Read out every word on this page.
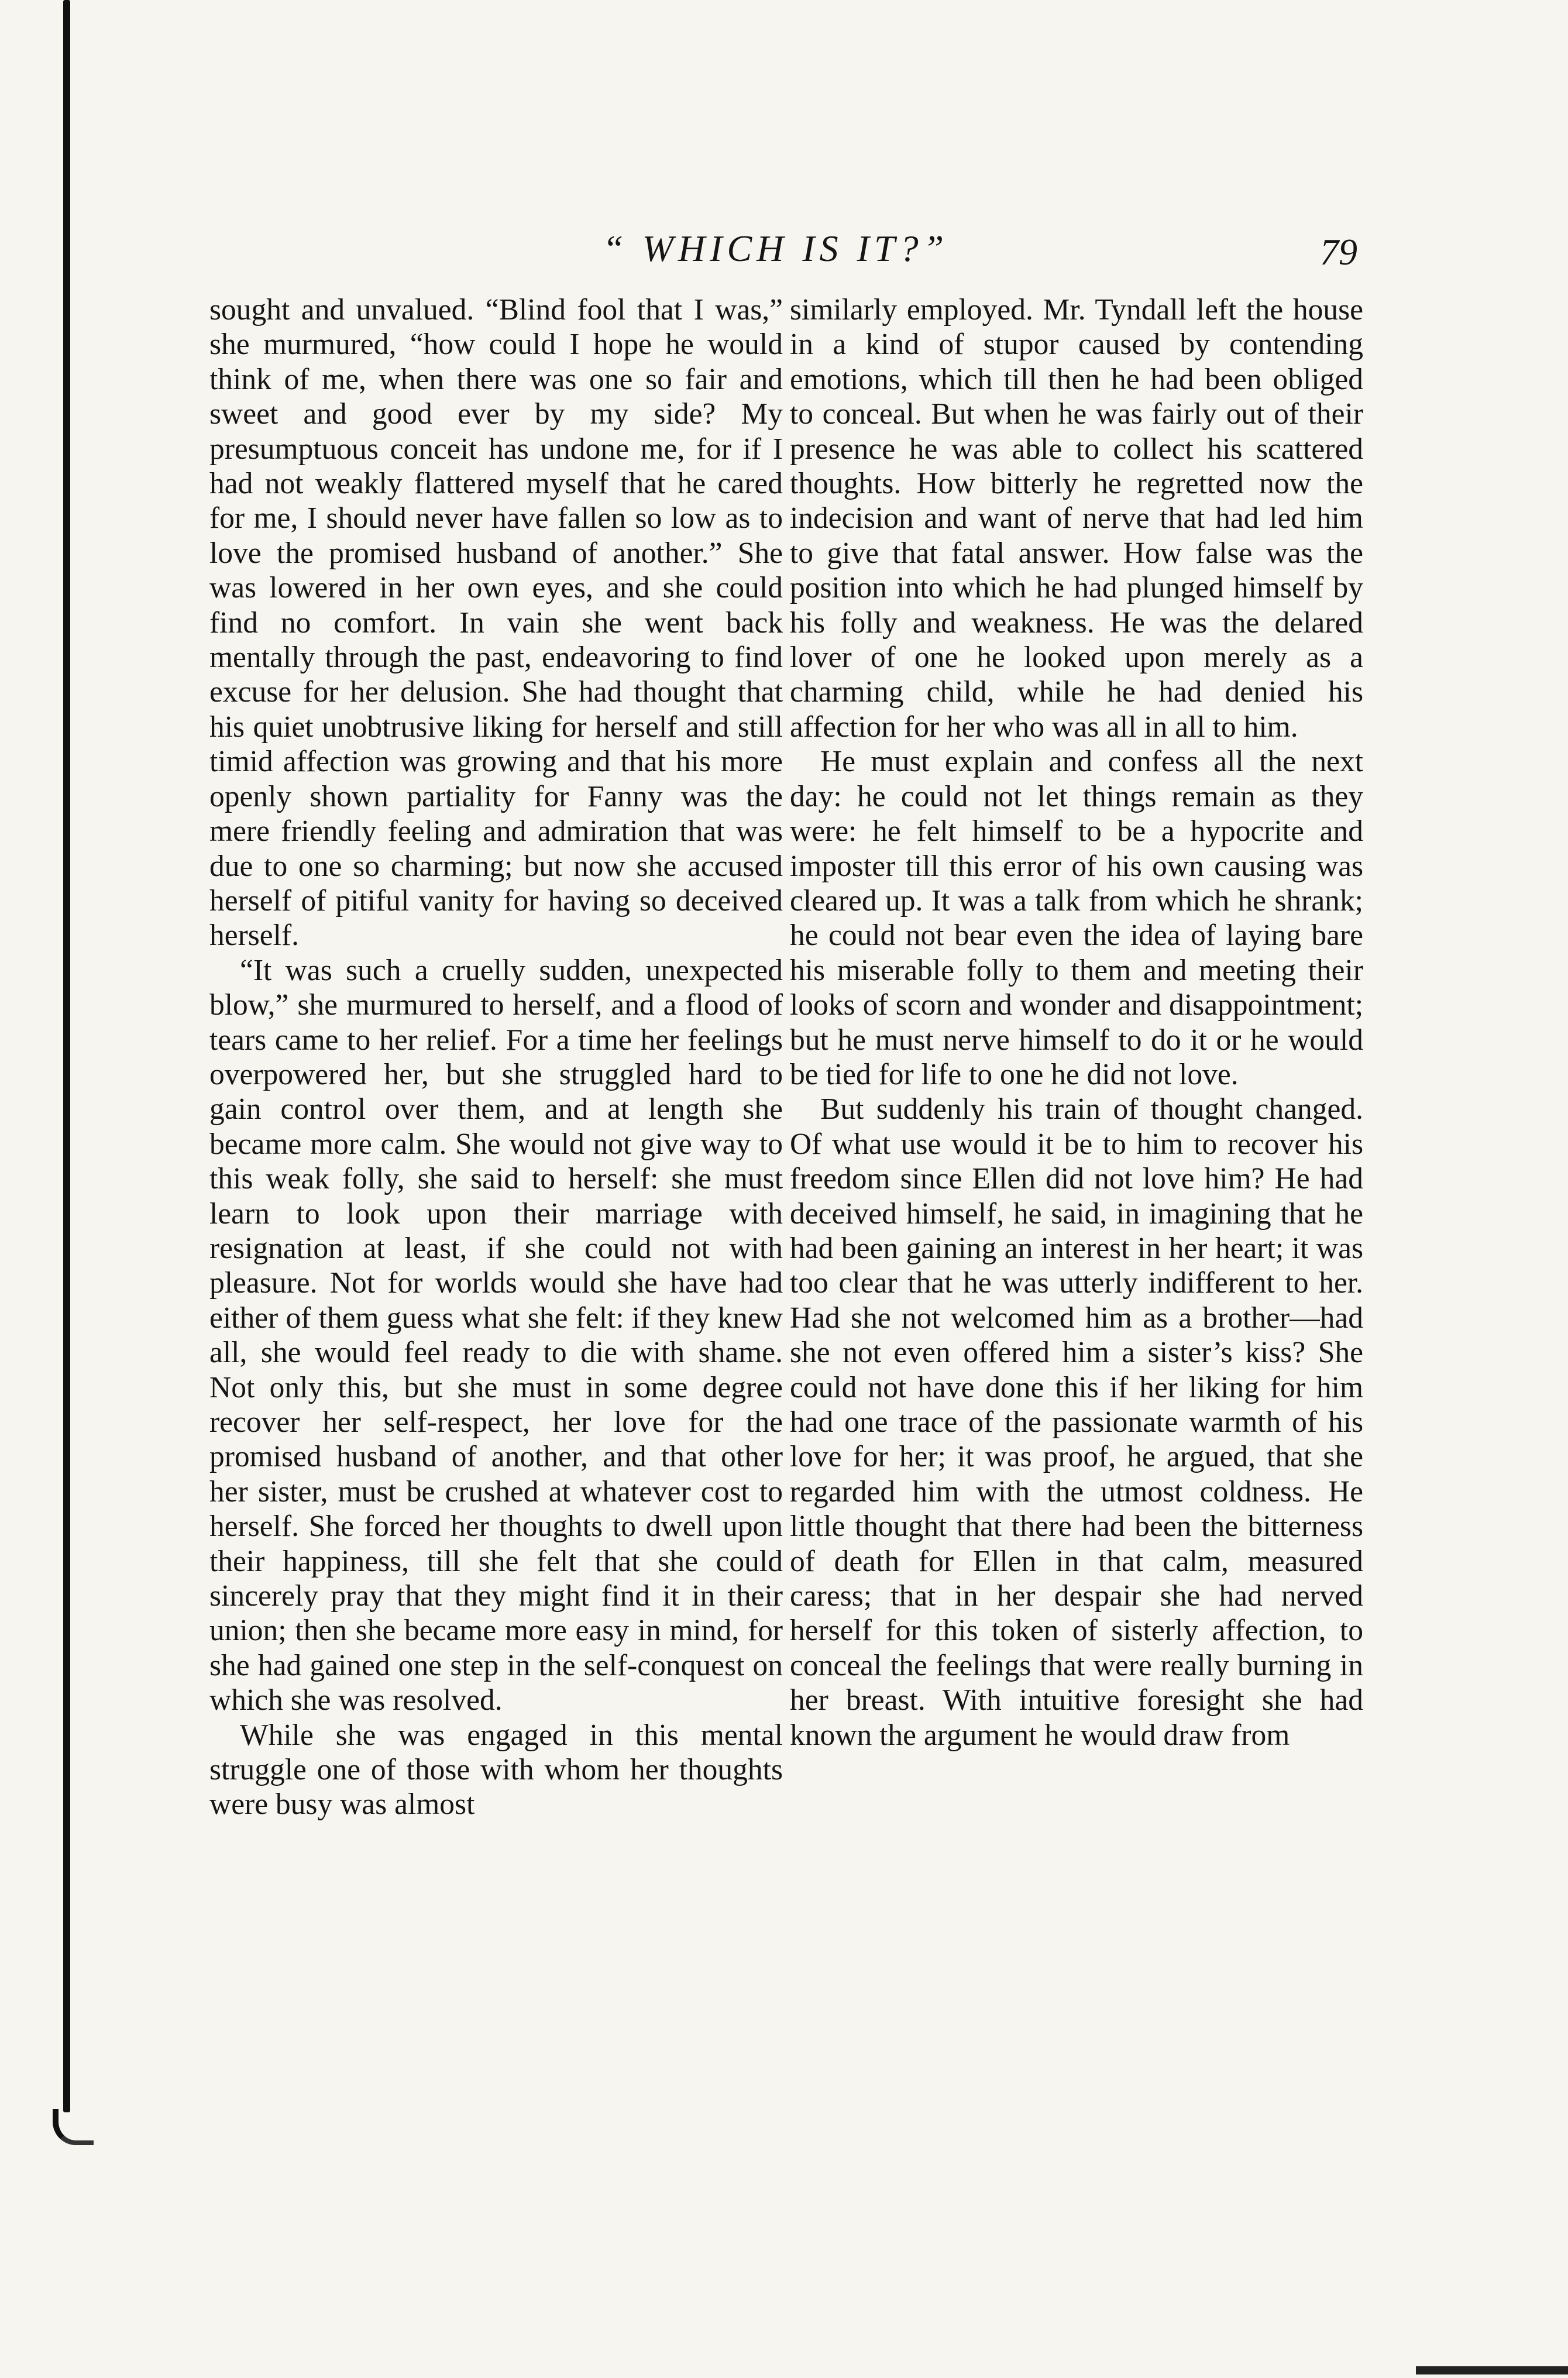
“ WHICH IS IT?”	79

sought and unvalued. “Blind fool that I was,” she murmured, “how could I hope he would think of me, when there was one so fair and sweet and good ever by my side? My presumptuous conceit has undone me, for if I had not weakly flattered myself that he cared for me, I should never have fallen so low as to love the promised husband of another.” She was lowered in her own eyes, and she could find no comfort. In vain she went back mentally through the past, endeavoring to find excuse for her delusion. She had thought that his quiet unobtrusive liking for herself and still timid affection was growing and that his more openly shown partiality for Fanny was the mere friendly feeling and admiration that was due to one so charming; but now she accused herself of pitiful vanity for having so deceived herself.

“It was such a cruelly sudden, unexpected blow,” she murmured to herself, and a flood of tears came to her relief. For a time her feelings overpowered her, but she struggled hard to gain control over them, and at length she became more calm. She would not give way to this weak folly, she said to herself: she must learn to look upon their marriage with resignation at least, if she could not with pleasure. Not for worlds would she have had either of them guess what she felt: if they knew all, she would feel ready to die with shame. Not only this, but she must in some degree recover her self-respect, her love for the promised husband of another, and that other her sister, must be crushed at whatever cost to herself. She forced her thoughts to dwell upon their happiness, till she felt that she could sincerely pray that they might find it in their union; then she became more easy in mind, for she had gained one step in the self-conquest on which she was resolved.

While she was engaged in this mental struggle one of those with whom her thoughts were busy was almost

similarly employed. Mr. Tyndall left the house in a kind of stupor caused by contending emotions, which till then he had been obliged to conceal. But when he was fairly out of their presence he was able to collect his scattered thoughts. How bitterly he regretted now the indecision and want of nerve that had led him to give that fatal answer. How false was the position into which he had plunged himself by his folly and weakness. He was the delared lover of one he looked upon merely as a charming child, while he had denied his affection for her who was all in all to him.

He must explain and confess all the next day: he could not let things remain as they were: he felt himself to be a hypocrite and imposter till this error of his own causing was cleared up. It was a talk from which he shrank; he could not bear even the idea of laying bare his miserable folly to them and meeting their looks of scorn and wonder and disappointment; but he must nerve himself to do it or he would be tied for life to one he did not love.

But suddenly his train of thought changed. Of what use would it be to him to recover his freedom since Ellen did not love him? He had deceived himself, he said, in imagining that he had been gaining an interest in her heart; it was too clear that he was utterly indifferent to her. Had she not welcomed him as a brother—had she not even offered him a sister’s kiss? She could not have done this if her liking for him had one trace of the passionate warmth of his love for her; it was proof, he argued, that she regarded him with the utmost coldness. He little thought that there had been the bitterness of death for Ellen in that calm, measured caress; that in her despair she had nerved herself for this token of sisterly affection, to conceal the feelings that were really burning in her breast. With intuitive foresight she had known the argument he would draw from
